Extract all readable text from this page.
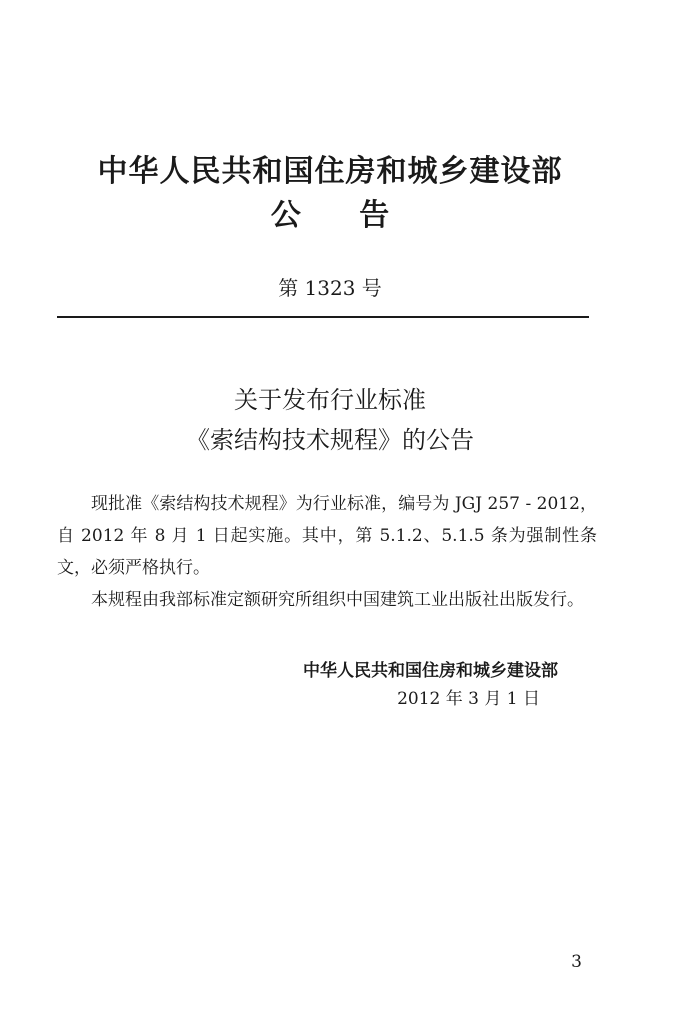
中华人民共和国住房和城乡建设部
公 告
第 1323 号
关于发布行业标准
《索结构技术规程》的公告

现批准《索结构技术规程》为行业标准，编号为 JGJ 257 - 2012，自 2012 年 8 月 1 日起实施。其中，第 5.1.2、5.1.5 条为强制性条文，必须严格执行。

本规程由我部标准定额研究所组织中国建筑工业出版社出版发行。

中华人民共和国住房和城乡建设部
2012 年 3 月 1 日
3
